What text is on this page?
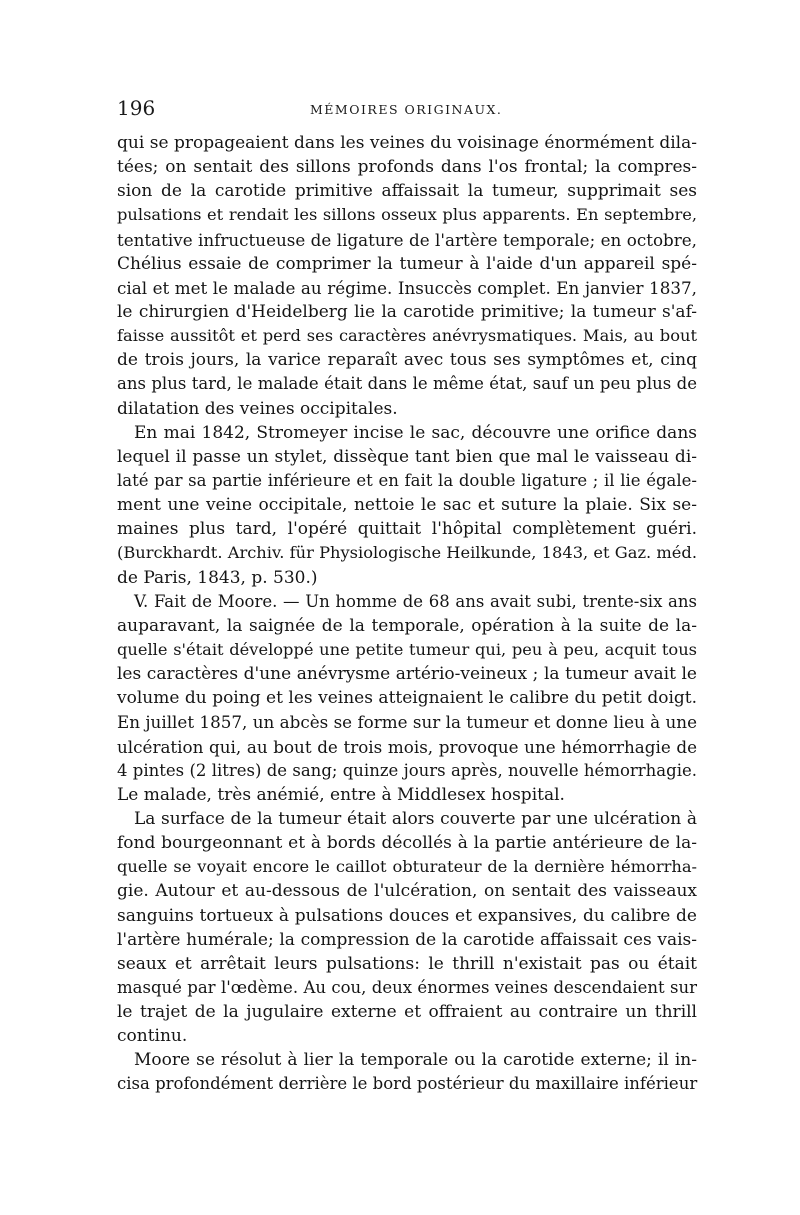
196	MÉMOIRES ORIGINAUX.
qui se propageaient dans les veines du voisinage énormément dila-
tées; on sentait des sillons profonds dans l'os frontal; la compres-
sion de la carotide primitive affaissait la tumeur, supprimait ses
pulsations et rendait les sillons osseux plus apparents. En septembre,
tentative infructueuse de ligature de l'artère temporale; en octobre,
Chélius essaie de comprimer la tumeur à l'aide d'un appareil spé-
cial et met le malade au régime. Insuccès complet. En janvier 1837,
le chirurgien d'Heidelberg lie la carotide primitive; la tumeur s'af-
faisse aussitôt et perd ses caractères anévrysmatiques. Mais, au bout
de trois jours, la varice reparaît avec tous ses symptômes et, cinq
ans plus tard, le malade était dans le même état, sauf un peu plus de
dilatation des veines occipitales.
En mai 1842, Stromeyer incise le sac, découvre une orifice dans
lequel il passe un stylet, dissèque tant bien que mal le vaisseau di-
laté par sa partie inférieure et en fait la double ligature ; il lie égale-
ment une veine occipitale, nettoie le sac et suture la plaie. Six se-
maines plus tard, l'opéré quittait l'hôpital complètement guéri.
(Burckhardt. Archiv. für Physiologische Heilkunde, 1843, et Gaz. méd.
de Paris, 1843, p. 530.)
V. Fait de Moore. — Un homme de 68 ans avait subi, trente-six ans
auparavant, la saignée de la temporale, opération à la suite de la-
quelle s'était développé une petite tumeur qui, peu à peu, acquit tous
les caractères d'une anévrysme artério-veineux ; la tumeur avait le
volume du poing et les veines atteignaient le calibre du petit doigt.
En juillet 1857, un abcès se forme sur la tumeur et donne lieu à une
ulcération qui, au bout de trois mois, provoque une hémorrhagie de
4 pintes (2 litres) de sang; quinze jours après, nouvelle hémorrhagie.
Le malade, très anémié, entre à Middlesex hospital.
La surface de la tumeur était alors couverte par une ulcération à
fond bourgeonnant et à bords décollés à la partie antérieure de la-
quelle se voyait encore le caillot obturateur de la dernière hémorrha-
gie. Autour et au-dessous de l'ulcération, on sentait des vaisseaux
sanguins tortueux à pulsations douces et expansives, du calibre de
l'artère humérale; la compression de la carotide affaissait ces vais-
seaux et arrêtait leurs pulsations: le thrill n'existait pas ou était
masqué par l'œdème. Au cou, deux énormes veines descendaient sur
le trajet de la jugulaire externe et offraient au contraire un thrill
continu.
Moore se résolut à lier la temporale ou la carotide externe; il in-
cisa profondément derrière le bord postérieur du maxillaire inférieur
